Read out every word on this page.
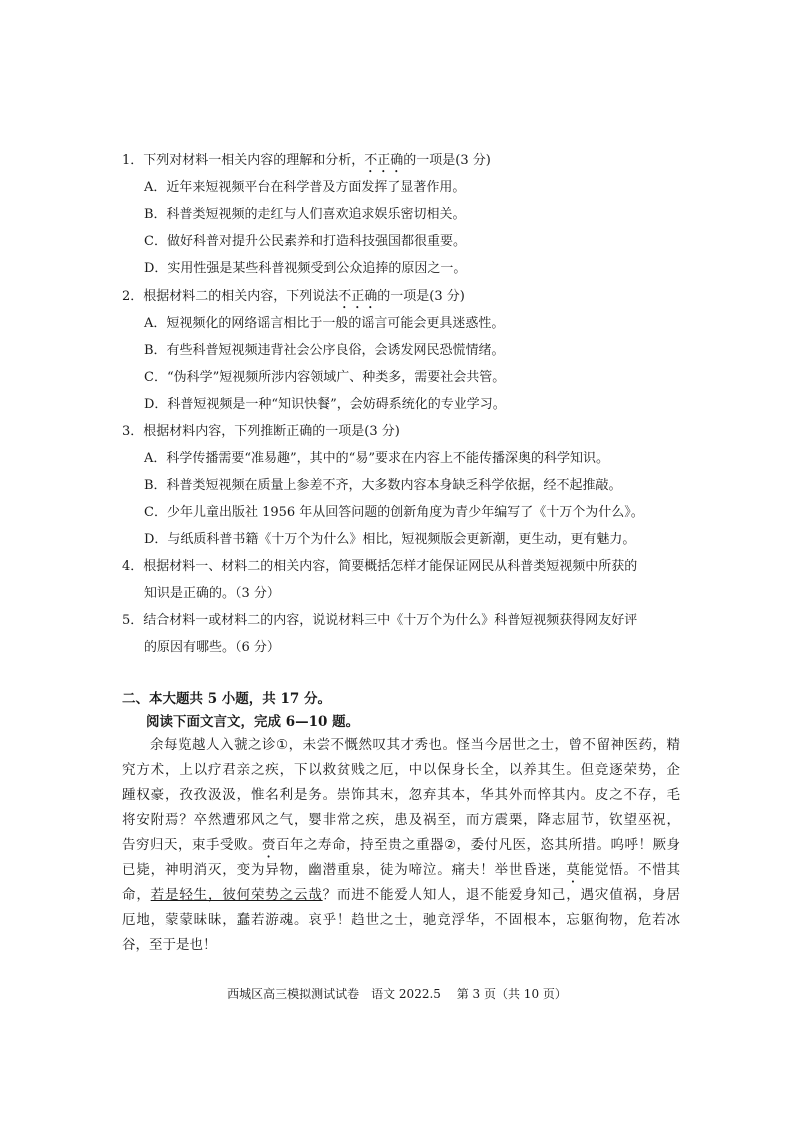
1．下列对材料一相关内容的理解和分析，不正确的一项是(3 分)
A．近年来短视频平台在科学普及方面发挥了显著作用。
B．科普类短视频的走红与人们喜欢追求娱乐密切相关。
C．做好科普对提升公民素养和打造科技强国都很重要。
D．实用性强是某些科普视频受到公众追捧的原因之一。
2．根据材料二的相关内容，下列说法不正确的一项是(3 分)
A．短视频化的网络谣言相比于一般的谣言可能会更具迷惑性。
B．有些科普短视频违背社会公序良俗，会诱发网民恐慌情绪。
C．“伪科学”短视频所涉内容领域广、种类多，需要社会共管。
D．科普短视频是一种“知识快餐”，会妨碍系统化的专业学习。
3．根据材料内容，下列推断正确的一项是(3 分)
A．科学传播需要“准易趣”，其中的“易”要求在内容上不能传播深奥的科学知识。
B．科普类短视频在质量上参差不齐，大多数内容本身缺乏科学依据，经不起推敲。
C．少年儿童出版社 1956 年从回答问题的创新角度为青少年编写了《十万个为什么》。
D．与纸质科普书籍《十万个为什么》相比，短视频版会更新潮，更生动，更有魅力。
4．根据材料一、材料二的相关内容，简要概括怎样才能保证网民从科普类短视频中所获的
知识是正确的。（3 分）
5．结合材料一或材料二的内容，说说材料三中《十万个为什么》科普短视频获得网友好评
的原因有哪些。（6 分）
二、本大题共 5 小题，共 17 分。
阅读下面文言文，完成 6—10 题。
　　余每览越人入虢之诊①，未尝不慨然叹其才秀也。怪当今居世之士，曾不留神医药，精
究方术，上以疗君亲之疾，下以救贫贱之厄，中以保身长全，以养其生。但竞逐荣势，企
踵权豪，孜孜汲汲，惟名利是务。崇饰其末，忽弃其本，华其外而悴其内。皮之不存，毛
将安附焉？卒然遭邪风之气，婴非常之疾，患及祸至，而方震栗，降志屈节，钦望巫祝，
告穷归天，束手受败。赍百年之寿命，持至贵之重器②，委付凡医，恣其所措。呜呼！厥身
已毙，神明消灭，变为异物，幽潜重泉，徒为啼泣。痛夫！举世昏迷，莫能觉悟。不惜其
命，若是轻生，彼何荣势之云哉？而进不能爱人知人，退不能爱身知己，遇灾值祸，身居
厄地，蒙蒙昧昧，蠢若游魂。哀乎！趋世之士，驰竞浮华，不固根本，忘躯徇物，危若冰
谷，至于是也！
西城区高三模拟测试试卷　语文 2022.5　 第 3 页（共 10 页）
